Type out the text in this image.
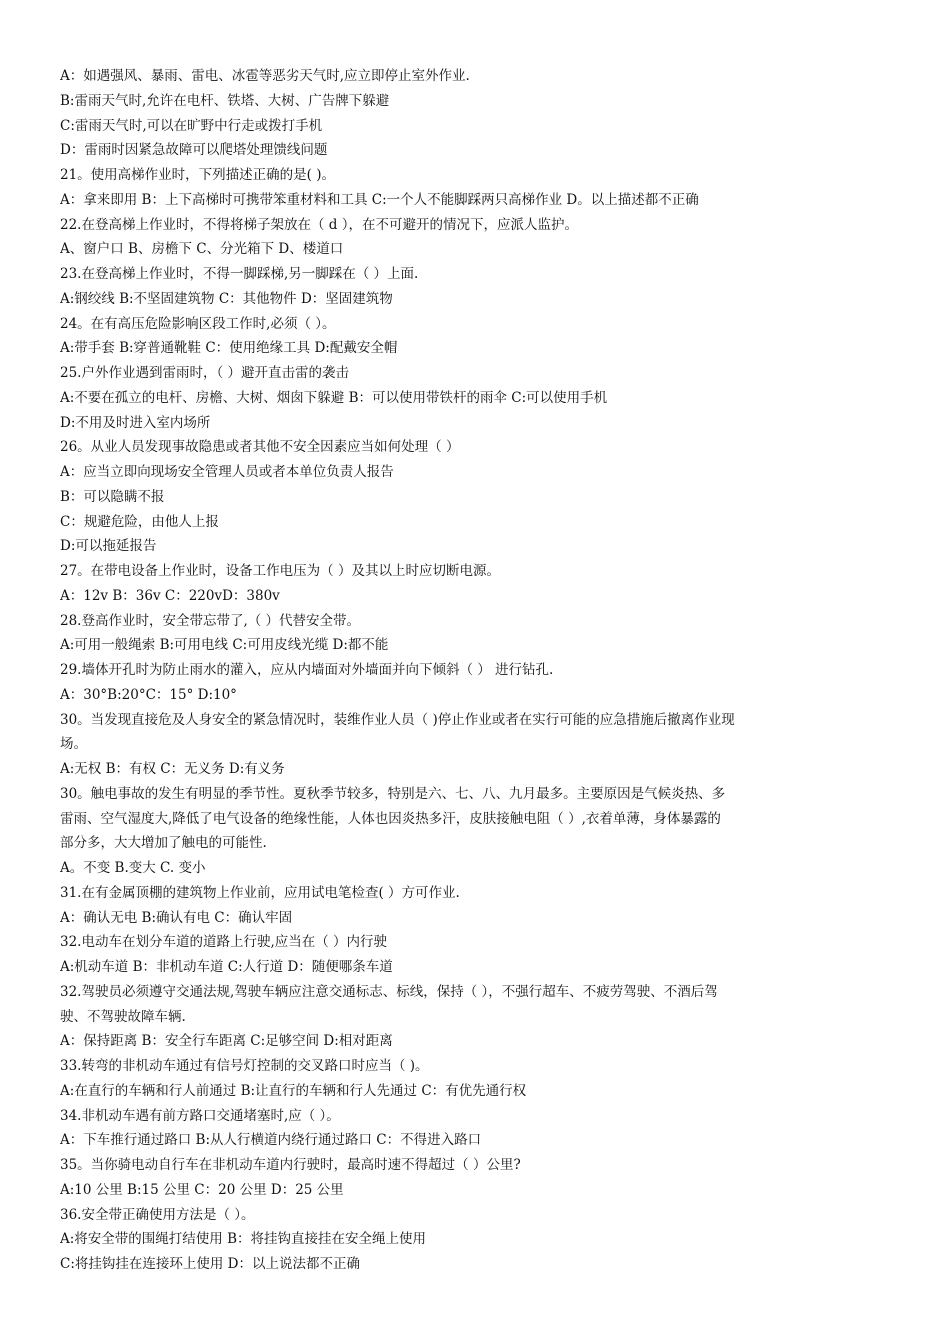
A：如遇强风、暴雨、雷电、冰雹等恶劣天气时,应立即停止室外作业.
B:雷雨天气时,允许在电杆、铁塔、大树、广告牌下躲避
C:雷雨天气时,可以在旷野中行走或拨打手机
D：雷雨时因紧急故障可以爬塔处理馈线问题
21。使用高梯作业时，下列描述正确的是( )。
A：拿来即用 B：上下高梯时可携带笨重材料和工具 C:一个人不能脚踩两只高梯作业 D。以上描述都不正确
22.在登高梯上作业时，不得将梯子架放在（ d ），在不可避开的情况下，应派人监护。
A、窗户口 B、房檐下 C、分光箱下 D、楼道口
23.在登高梯上作业时，不得一脚踩梯,另一脚踩在（ ）上面.
A:钢绞线 B:不坚固建筑物 C：其他物件 D：坚固建筑物
24。在有高压危险影响区段工作时,必须（ ）。
A:带手套 B:穿普通靴鞋 C：使用绝缘工具 D:配戴安全帽
25.户外作业遇到雷雨时，（ ）避开直击雷的袭击
A:不要在孤立的电杆、房檐、大树、烟囱下躲避 B：可以使用带铁杆的雨伞 C:可以使用手机
D:不用及时进入室内场所
26。从业人员发现事故隐患或者其他不安全因素应当如何处理（ ）
A：应当立即向现场安全管理人员或者本单位负责人报告
B：可以隐瞒不报
C：规避危险，由他人上报
D:可以拖延报告
27。在带电设备上作业时，设备工作电压为（ ）及其以上时应切断电源。
A：12v B：36v C：220vD：380v
28.登高作业时，安全带忘带了,（ ）代替安全带。
A:可用一般绳索 B:可用电线 C:可用皮线光缆 D:都不能
29.墙体开孔时为防止雨水的灌入，应从内墙面对外墙面并向下倾斜（ ） 进行钻孔.
A：30°B:20°C：15° D:10°
30。当发现直接危及人身安全的紧急情况时，装维作业人员（ )停止作业或者在实行可能的应急措施后撤离作业现
场。
A:无权 B：有权 C：无义务 D:有义务
30。触电事故的发生有明显的季节性。夏秋季节较多，特别是六、七、八、九月最多。主要原因是气候炎热、多
雷雨、空气湿度大,降低了电气设备的绝缘性能，人体也因炎热多汗，皮肤接触电阻（ ）,衣着单薄，身体暴露的
部分多，大大增加了触电的可能性.
A。不变 B.变大 C. 变小
31.在有金属顶棚的建筑物上作业前，应用试电笔检查( ）方可作业.
A：确认无电 B:确认有电 C：确认牢固
32.电动车在划分车道的道路上行驶,应当在（ ）内行驶
A:机动车道 B：非机动车道 C:人行道 D：随便哪条车道
32.驾驶员必须遵守交通法规,驾驶车辆应注意交通标志、标线，保持（ ），不强行超车、不疲劳驾驶、不酒后驾
驶、不驾驶故障车辆.
A：保持距离 B：安全行车距离 C:足够空间 D:相对距离
33.转弯的非机动车通过有信号灯控制的交叉路口时应当（ )。
A:在直行的车辆和行人前通过 B:让直行的车辆和行人先通过 C：有优先通行权
34.非机动车遇有前方路口交通堵塞时,应（ ）。
A：下车推行通过路口 B:从人行横道内绕行通过路口 C：不得进入路口
35。当你骑电动自行车在非机动车道内行驶时，最高时速不得超过（ ）公里?
A:10 公里 B:15 公里 C：20 公里 D：25 公里
36.安全带正确使用方法是（ ）。
A:将安全带的围绳打结使用 B：将挂钩直接挂在安全绳上使用
C:将挂钩挂在连接环上使用 D：以上说法都不正确
